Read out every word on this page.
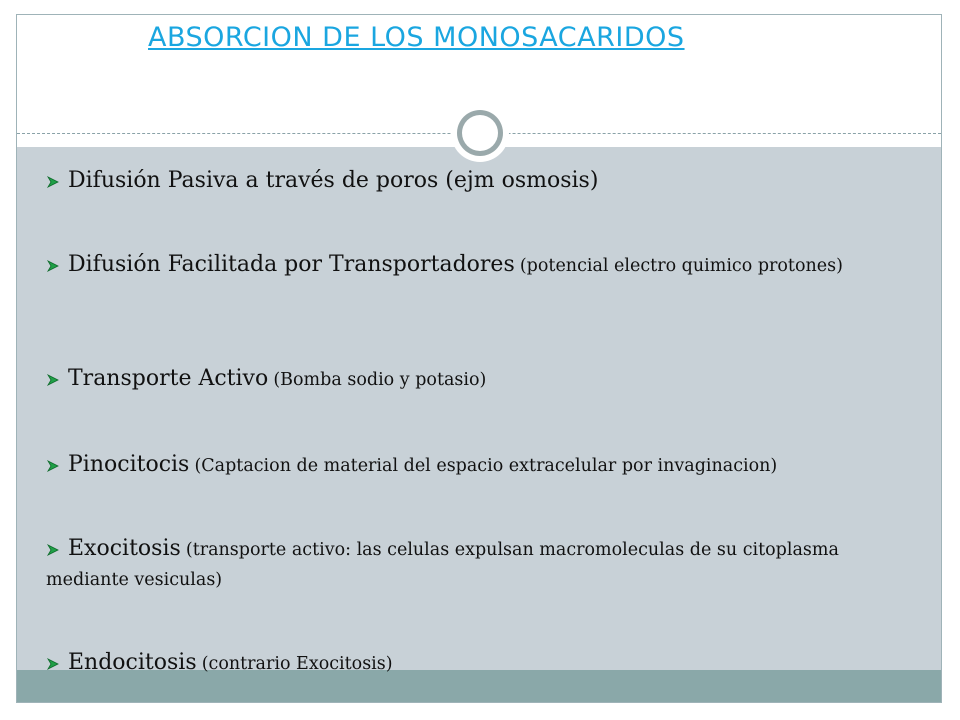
ABSORCION DE LOS MONOSACARIDOS
Difusión Pasiva a través de poros (ejm osmosis)
Difusión Facilitada por Transportadores (potencial electro quimico protones)
Transporte Activo (Bomba sodio y potasio)
Pinocitocis (Captacion de material del espacio extracelular por invaginacion)
Exocitosis (transporte activo: las celulas expulsan macromoleculas de su citoplasma mediante vesiculas)
Endocitosis (contrario Exocitosis)
